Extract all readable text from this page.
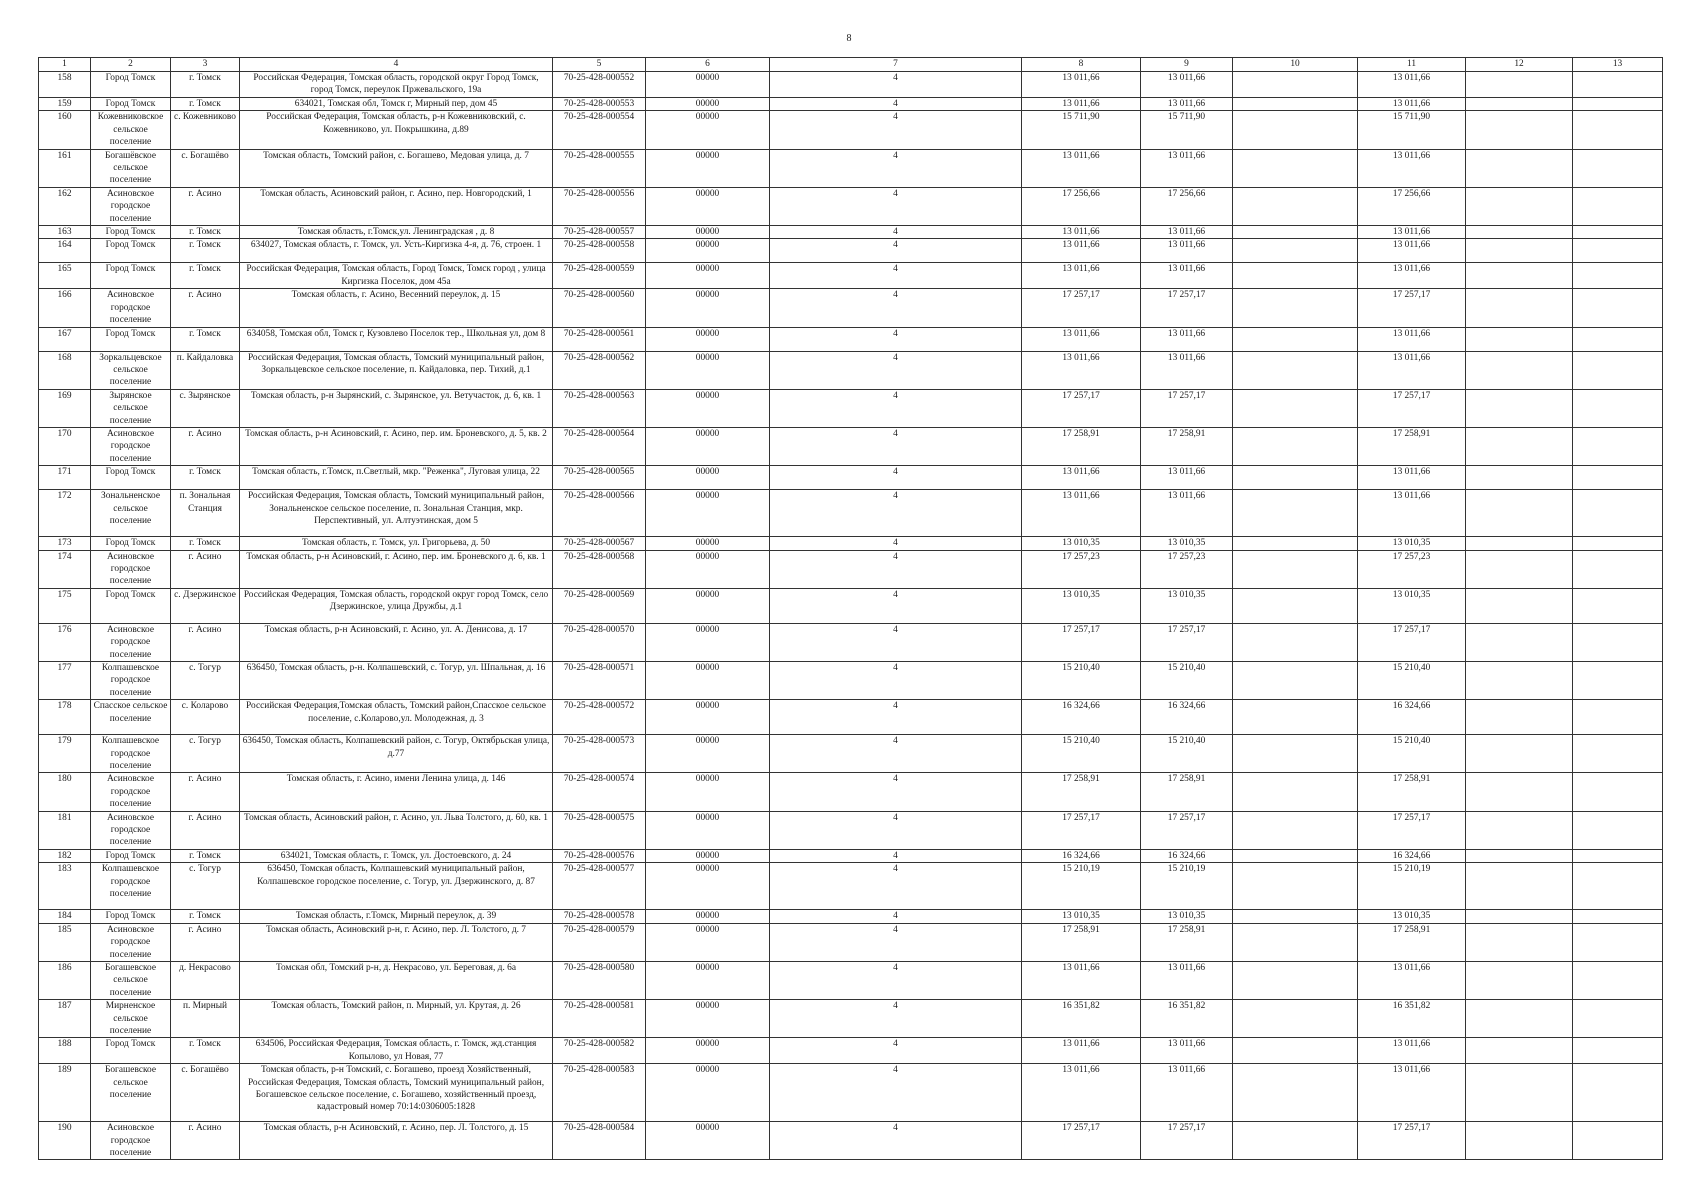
8
1	2	3	4	5	6	7	8	9	10	11	12	13
158	Город Томск	г. Томск	Российская Федерация, Томская область, городской округ Город Томск, город Томск, переулок Пржевальского, 19а	70-25-428-000552	00000	4	13 011,66	13 011,66		13 011,66		
159	Город Томск	г. Томск	634021, Томская обл, Томск г, Мирный пер, дом 45	70-25-428-000553	00000	4	13 011,66	13 011,66		13 011,66		
160	Кожевниковское сельское поселение	с. Кожевниково	Российская Федерация, Томская область, р-н Кожевниковский, с. Кожевниково, ул. Покрышкина, д.89	70-25-428-000554	00000	4	15 711,90	15 711,90		15 711,90		
161	Богашёвское сельское поселение	с. Богашёво	Томская область, Томский район, с. Богашево, Медовая улица, д. 7	70-25-428-000555	00000	4	13 011,66	13 011,66		13 011,66		
162	Асиновское городское поселение	г. Асино	Томская область, Асиновский район, г. Асино, пер. Новгородский, 1	70-25-428-000556	00000	4	17 256,66	17 256,66		17 256,66		
163	Город Томск	г. Томск	Томская область, г.Томск,ул. Ленинградская , д. 8	70-25-428-000557	00000	4	13 011,66	13 011,66		13 011,66		
164	Город Томск	г. Томск	634027, Томская область, г. Томск, ул. Усть-Киргизка 4-я, д. 76, строен. 1	70-25-428-000558	00000	4	13 011,66	13 011,66		13 011,66		
165	Город Томск	г. Томск	Российская Федерация, Томская область, Город Томск, Томск город , улица Киргизка Поселок, дом 45а	70-25-428-000559	00000	4	13 011,66	13 011,66		13 011,66		
166	Асиновское городское поселение	г. Асино	Томская область, г. Асино, Весенний переулок, д. 15	70-25-428-000560	00000	4	17 257,17	17 257,17		17 257,17		
167	Город Томск	г. Томск	634058, Томская обл, Томск г, Кузовлево Поселок тер., Школьная ул, дом 8	70-25-428-000561	00000	4	13 011,66	13 011,66		13 011,66		
168	Зоркальцевское сельское поселение	п. Кайдаловка	Российская Федерация, Томская область, Томский муниципальный район, Зоркальцевское сельское поселение, п. Кайдаловка, пер. Тихий, д.1	70-25-428-000562	00000	4	13 011,66	13 011,66		13 011,66		
169	Зырянское сельское поселение	с. Зырянское	Томская область, р-н Зырянский, с. Зырянское, ул. Ветучасток, д. 6, кв. 1	70-25-428-000563	00000	4	17 257,17	17 257,17		17 257,17		
170	Асиновское городское поселение	г. Асино	Томская область, р-н Асиновский, г. Асино, пер. им. Броневского, д. 5, кв. 2	70-25-428-000564	00000	4	17 258,91	17 258,91		17 258,91		
171	Город Томск	г. Томск	Томская область, г.Томск, п.Светлый, мкр. "Реженка", Луговая улица, 22	70-25-428-000565	00000	4	13 011,66	13 011,66		13 011,66		
172	Зональненское сельское поселение	п. Зональная Станция	Российская Федерация, Томская область, Томский муниципальный район, Зональненское сельское поселение, п. Зональная Станция, мкр. Перспективный, ул. Алтуэтинская, дом 5	70-25-428-000566	00000	4	13 011,66	13 011,66		13 011,66		
173	Город Томск	г. Томск	Томская область, г. Томск, ул. Григорьева, д. 50	70-25-428-000567	00000	4	13 010,35	13 010,35		13 010,35		
174	Асиновское городское поселение	г. Асино	Томская область, р-н Асиновский, г. Асино, пер. им. Броневского д. 6, кв. 1	70-25-428-000568	00000	4	17 257,23	17 257,23		17 257,23		
175	Город Томск	с. Дзержинское	Российская Федерация, Томская область, городской округ город Томск, село Дзержинское, улица Дружбы, д.1	70-25-428-000569	00000	4	13 010,35	13 010,35		13 010,35		
176	Асиновское городское поселение	г. Асино	Томская область, р-н Асиновский, г. Асино, ул. А. Денисова, д. 17	70-25-428-000570	00000	4	17 257,17	17 257,17		17 257,17		
177	Колпашевское городское поселение	с. Тогур	636450, Томская область, р-н. Колпашевский, с. Тогур, ул. Шпальная, д. 16	70-25-428-000571	00000	4	15 210,40	15 210,40		15 210,40		
178	Спасское сельское поселение	с. Коларово	Российская Федерация,Томская область, Томский район,Спасское сельское поселение, с.Коларово,ул. Молодежная, д. 3	70-25-428-000572	00000	4	16 324,66	16 324,66		16 324,66		
179	Колпашевское городское поселение	с. Тогур	636450, Томская область, Колпашевский район, с. Тогур, Октябрьская улица, д.77	70-25-428-000573	00000	4	15 210,40	15 210,40		15 210,40		
180	Асиновское городское поселение	г. Асино	Томская область, г. Асино, имени Ленина улица, д. 146	70-25-428-000574	00000	4	17 258,91	17 258,91		17 258,91		
181	Асиновское городское поселение	г. Асино	Томская область, Асиновский район, г. Асино, ул. Льва Толстого, д. 60, кв. 1	70-25-428-000575	00000	4	17 257,17	17 257,17		17 257,17		
182	Город Томск	г. Томск	634021, Томская область, г. Томск, ул. Достоевского, д. 24	70-25-428-000576	00000	4	16 324,66	16 324,66		16 324,66		
183	Колпашевское городское поселение	с. Тогур	636450, Томская область, Колпашевский муниципальный район, Колпашевское городское поселение, с. Тогур, ул. Дзержинского, д. 87	70-25-428-000577	00000	4	15 210,19	15 210,19		15 210,19		
184	Город Томск	г. Томск	Томская область, г.Томск, Мирный переулок, д. 39	70-25-428-000578	00000	4	13 010,35	13 010,35		13 010,35		
185	Асиновское городское поселение	г. Асино	Томская область, Асиновский р-н, г. Асино, пер. Л. Толстого, д. 7	70-25-428-000579	00000	4	17 258,91	17 258,91		17 258,91		
186	Богашевское сельское поселение	д. Некрасово	Томская обл, Томский р-н, д. Некрасово, ул. Береговая, д. 6а	70-25-428-000580	00000	4	13 011,66	13 011,66		13 011,66		
187	Мирненское сельское поселение	п. Мирный	Томская область, Томский район, п. Мирный, ул. Крутая, д. 26	70-25-428-000581	00000	4	16 351,82	16 351,82		16 351,82		
188	Город Томск	г. Томск	634506, Российская Федерация, Томская область, г. Томск, жд.станция Копылово, ул Новая, 77	70-25-428-000582	00000	4	13 011,66	13 011,66		13 011,66		
189	Богашевское сельское поселение	с. Богашёво	Томская область, р-н Томский, с. Богашево, проезд Хозяйственный, Российская Федерация, Томская область, Томский муниципальный район, Богашевское сельское поселение, с. Богашево, хозяйственный проезд, кадастровый номер 70:14:0306005:1828	70-25-428-000583	00000	4	13 011,66	13 011,66		13 011,66		
190	Асиновское городское поселение	г. Асино	Томская область, р-н Асиновский, г. Асино, пер. Л. Толстого, д. 15	70-25-428-000584	00000	4	17 257,17	17 257,17		17 257,17		
